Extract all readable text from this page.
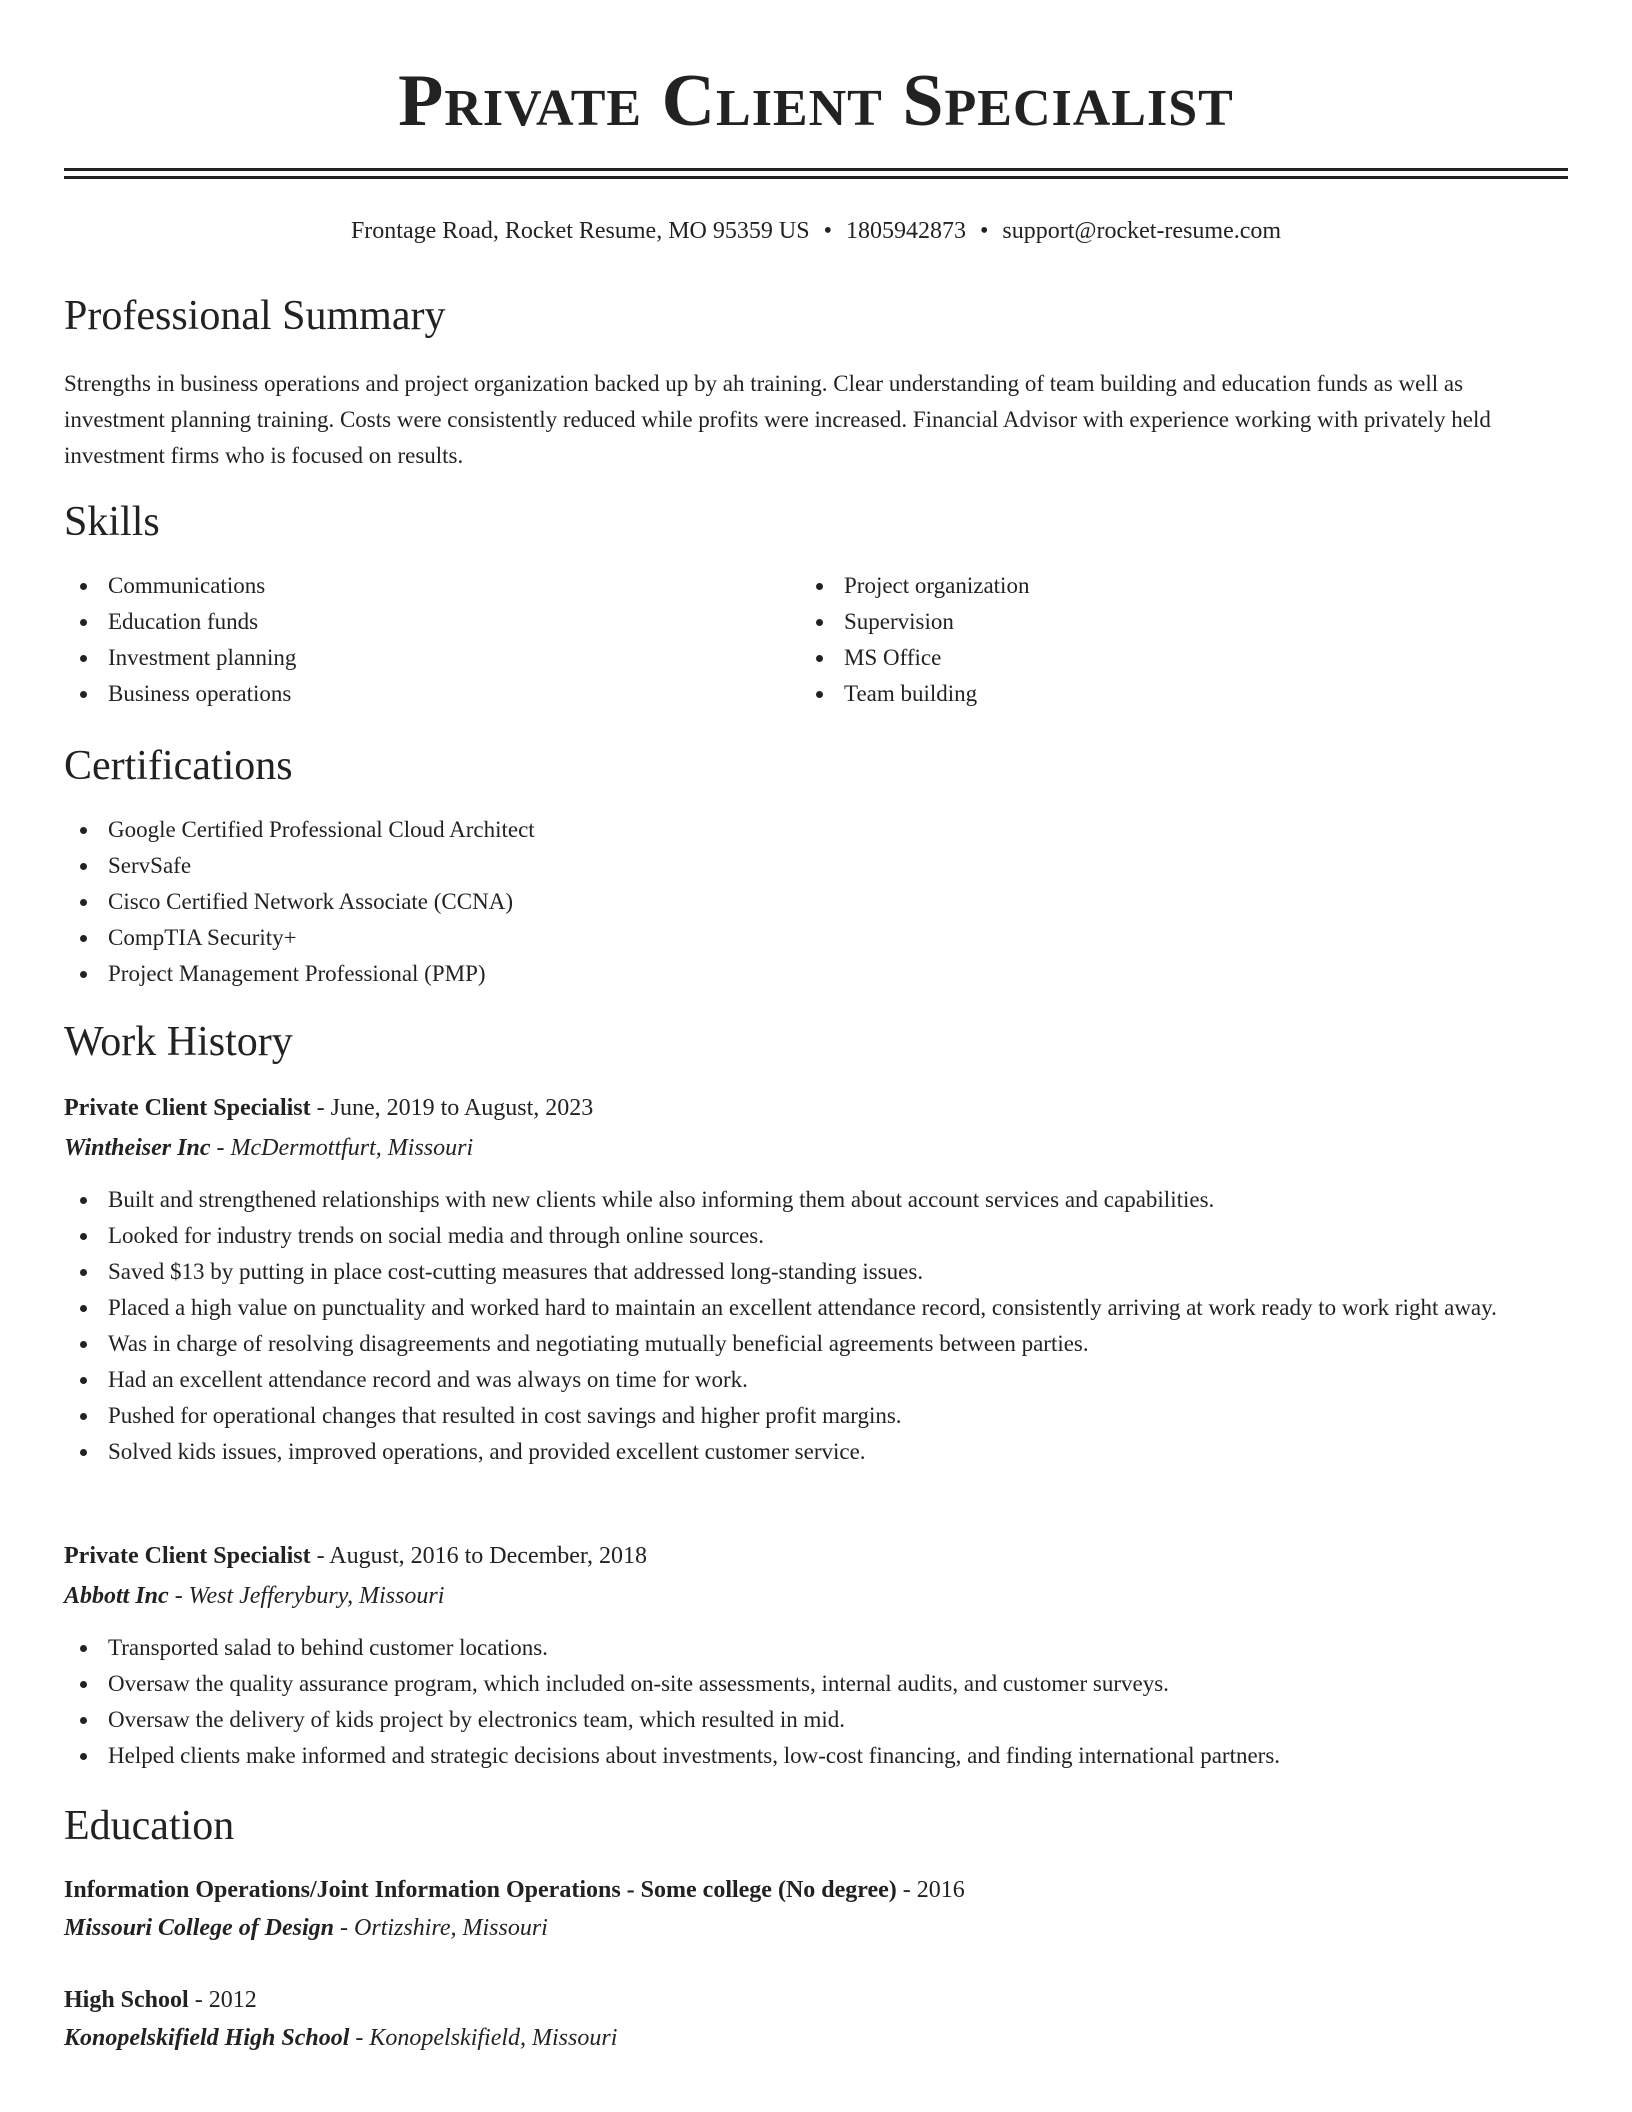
Private Client Specialist
Frontage Road, Rocket Resume, MO 95359 US • 1805942873 • support@rocket-resume.com
Professional Summary
Strengths in business operations and project organization backed up by ah training. Clear understanding of team building and education funds as well as investment planning training. Costs were consistently reduced while profits were increased. Financial Advisor with experience working with privately held investment firms who is focused on results.
Skills
Communications
Education funds
Investment planning
Business operations
Project organization
Supervision
MS Office
Team building
Certifications
Google Certified Professional Cloud Architect
ServSafe
Cisco Certified Network Associate (CCNA)
CompTIA Security+
Project Management Professional (PMP)
Work History
Private Client Specialist - June, 2019 to August, 2023
Wintheiser Inc - McDermottfurt, Missouri
Built and strengthened relationships with new clients while also informing them about account services and capabilities.
Looked for industry trends on social media and through online sources.
Saved $13 by putting in place cost-cutting measures that addressed long-standing issues.
Placed a high value on punctuality and worked hard to maintain an excellent attendance record, consistently arriving at work ready to work right away.
Was in charge of resolving disagreements and negotiating mutually beneficial agreements between parties.
Had an excellent attendance record and was always on time for work.
Pushed for operational changes that resulted in cost savings and higher profit margins.
Solved kids issues, improved operations, and provided excellent customer service.
Private Client Specialist - August, 2016 to December, 2018
Abbott Inc - West Jefferybury, Missouri
Transported salad to behind customer locations.
Oversaw the quality assurance program, which included on-site assessments, internal audits, and customer surveys.
Oversaw the delivery of kids project by electronics team, which resulted in mid.
Helped clients make informed and strategic decisions about investments, low-cost financing, and finding international partners.
Education
Information Operations/Joint Information Operations - Some college (No degree) - 2016
Missouri College of Design - Ortizshire, Missouri
High School - 2012
Konopelskifield High School - Konopelskifield, Missouri
